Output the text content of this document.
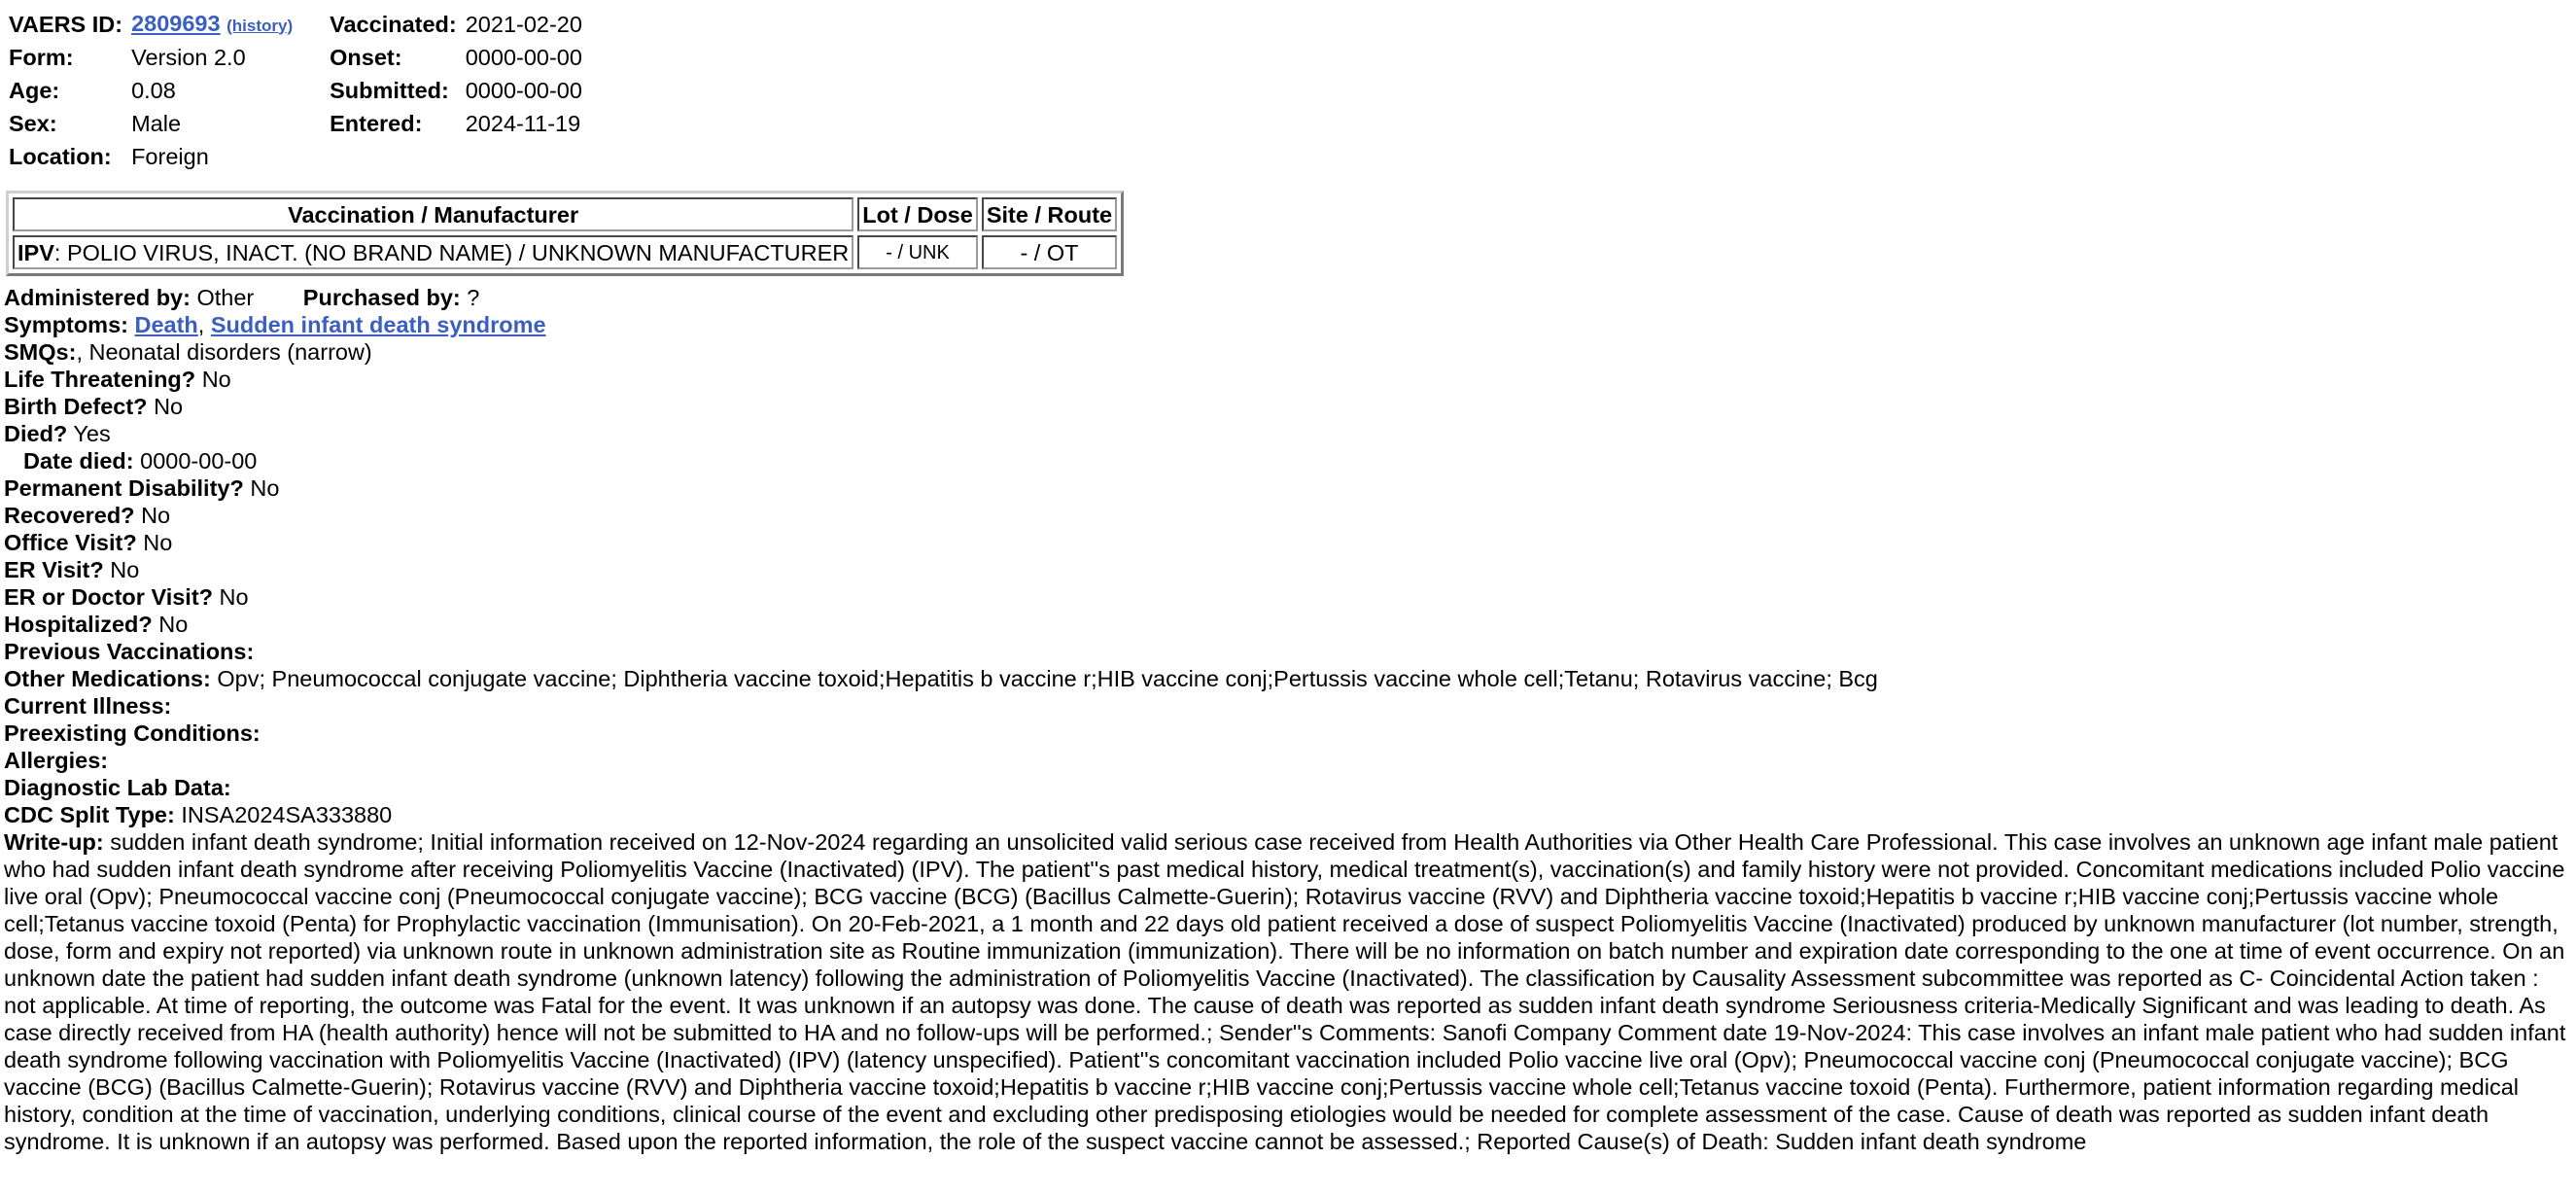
VAERS ID:	2809693 (history)		Vaccinated:	2021-02-20
Form:	Version 2.0		Onset:	0000-00-00
Age:	0.08		Submitted:	0000-00-00
Sex:	Male		Entered:	2024-11-19
Location:	Foreign			
Vaccination / Manufacturer	Lot / Dose	Site / Route
IPV: POLIO VIRUS, INACT. (NO BRAND NAME) / UNKNOWN MANUFACTURER	- / UNK	- / OT
Administered by: Other Purchased by: ?
Symptoms: Death, Sudden infant death syndrome
SMQs:, Neonatal disorders (narrow)
Life Threatening? No
Birth Defect? No
Died? Yes
Date died: 0000-00-00
Permanent Disability? No
Recovered? No
Office Visit? No
ER Visit? No
ER or Doctor Visit? No
Hospitalized? No
Previous Vaccinations:
Other Medications: Opv; Pneumococcal conjugate vaccine; Diphtheria vaccine toxoid;Hepatitis b vaccine r;HIB vaccine conj;Pertussis vaccine whole cell;Tetanu; Rotavirus vaccine; Bcg
Current Illness:
Preexisting Conditions:
Allergies:
Diagnostic Lab Data:
CDC Split Type: INSA2024SA333880
Write-up: sudden infant death syndrome; Initial information received on 12-Nov-2024 regarding an unsolicited valid serious case received from Health Authorities via Other Health Care Professional. This case involves an unknown age infant male patient who had sudden infant death syndrome after receiving Poliomyelitis Vaccine (Inactivated) (IPV). The patient''s past medical history, medical treatment(s), vaccination(s) and family history were not provided. Concomitant medications included Polio vaccine live oral (Opv); Pneumococcal vaccine conj (Pneumococcal conjugate vaccine); BCG vaccine (BCG) (Bacillus Calmette-Guerin); Rotavirus vaccine (RVV) and Diphtheria vaccine toxoid;Hepatitis b vaccine r;HIB vaccine conj;Pertussis vaccine whole cell;Tetanus vaccine toxoid (Penta) for Prophylactic vaccination (Immunisation). On 20-Feb-2021, a 1 month and 22 days old patient received a dose of suspect Poliomyelitis Vaccine (Inactivated) produced by unknown manufacturer (lot number, strength, dose, form and expiry not reported) via unknown route in unknown administration site as Routine immunization (immunization). There will be no information on batch number and expiration date corresponding to the one at time of event occurrence. On an unknown date the patient had sudden infant death syndrome (unknown latency) following the administration of Poliomyelitis Vaccine (Inactivated). The classification by Causality Assessment subcommittee was reported as C- Coincidental Action taken : not applicable. At time of reporting, the outcome was Fatal for the event. It was unknown if an autopsy was done. The cause of death was reported as sudden infant death syndrome Seriousness criteria-Medically Significant and was leading to death. As case directly received from HA (health authority) hence will not be submitted to HA and no follow-ups will be performed.; Sender''s Comments: Sanofi Company Comment date 19-Nov-2024: This case involves an infant male patient who had sudden infant death syndrome following vaccination with Poliomyelitis Vaccine (Inactivated) (IPV) (latency unspecified). Patient''s concomitant vaccination included Polio vaccine live oral (Opv); Pneumococcal vaccine conj (Pneumococcal conjugate vaccine); BCG vaccine (BCG) (Bacillus Calmette-Guerin); Rotavirus vaccine (RVV) and Diphtheria vaccine toxoid;Hepatitis b vaccine r;HIB vaccine conj;Pertussis vaccine whole cell;Tetanus vaccine toxoid (Penta). Furthermore, patient information regarding medical history, condition at the time of vaccination, underlying conditions, clinical course of the event and excluding other predisposing etiologies would be needed for complete assessment of the case. Cause of death was reported as sudden infant death syndrome. It is unknown if an autopsy was performed. Based upon the reported information, the role of the suspect vaccine cannot be assessed.; Reported Cause(s) of Death: Sudden infant death syndrome
